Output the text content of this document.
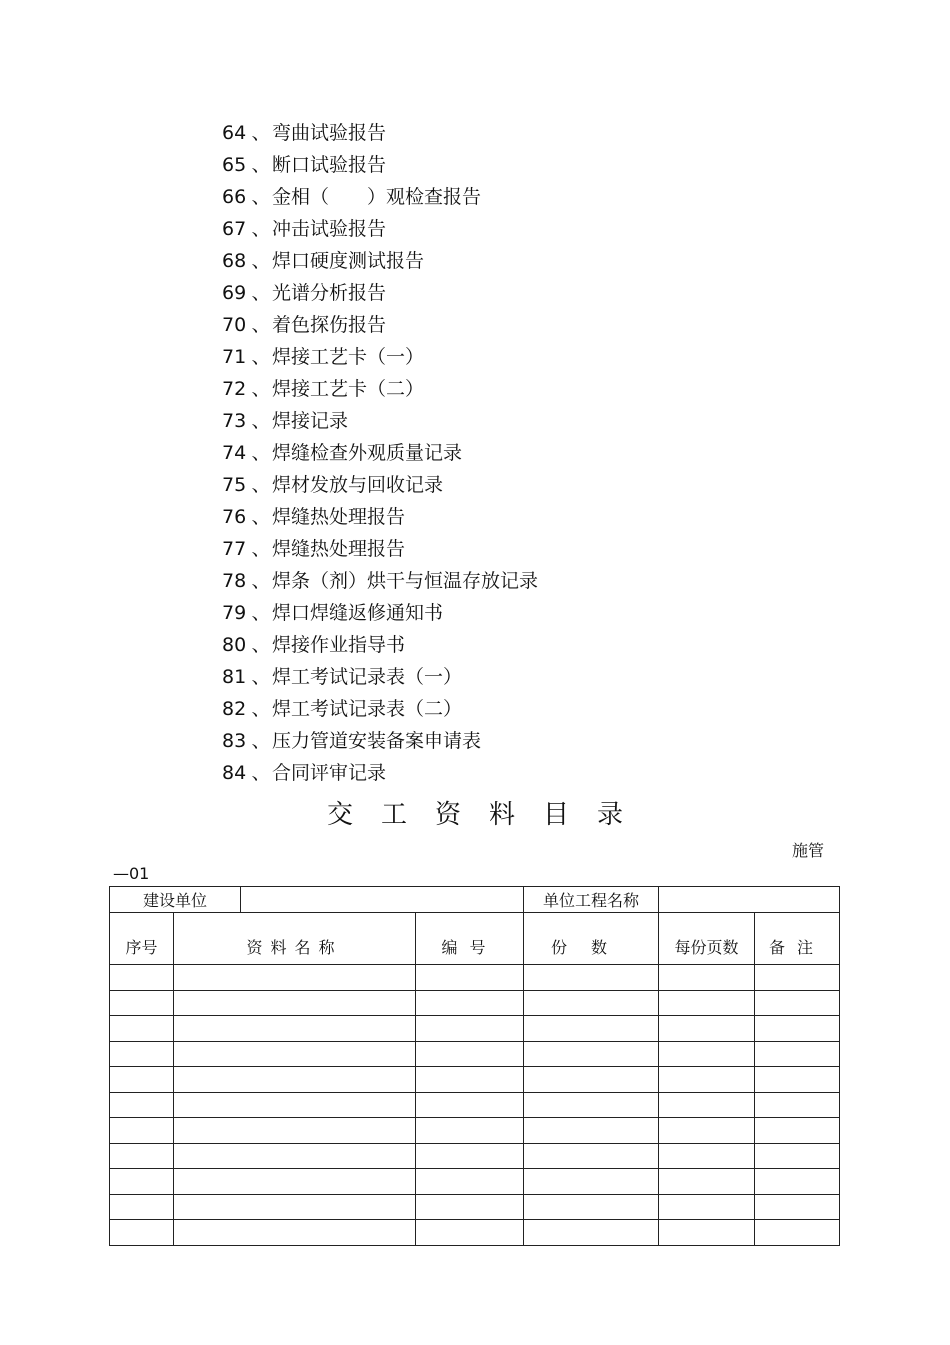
64 、弯曲试验报告
65 、断口试验报告
66 、金相（　　）观检查报告
67 、冲击试验报告
68 、焊口硬度测试报告
69 、光谱分析报告
70 、着色探伤报告
71 、焊接工艺卡（一）
72 、焊接工艺卡（二）
73 、焊接记录
74 、焊缝检查外观质量记录
75 、焊材发放与回收记录
76 、焊缝热处理报告
77 、焊缝热处理报告
78 、焊条（剂）烘干与恒温存放记录
79 、焊口焊缝返修通知书
80 、焊接作业指导书
81 、焊工考试记录表（一）
82 、焊工考试记录表（二）
83 、压力管道安装备案申请表
84 、合同评审记录
交工资料目录
施管
—01
建设单位				单位工程名称		
序号	资料名称		编号	份数	每份页数	备注
